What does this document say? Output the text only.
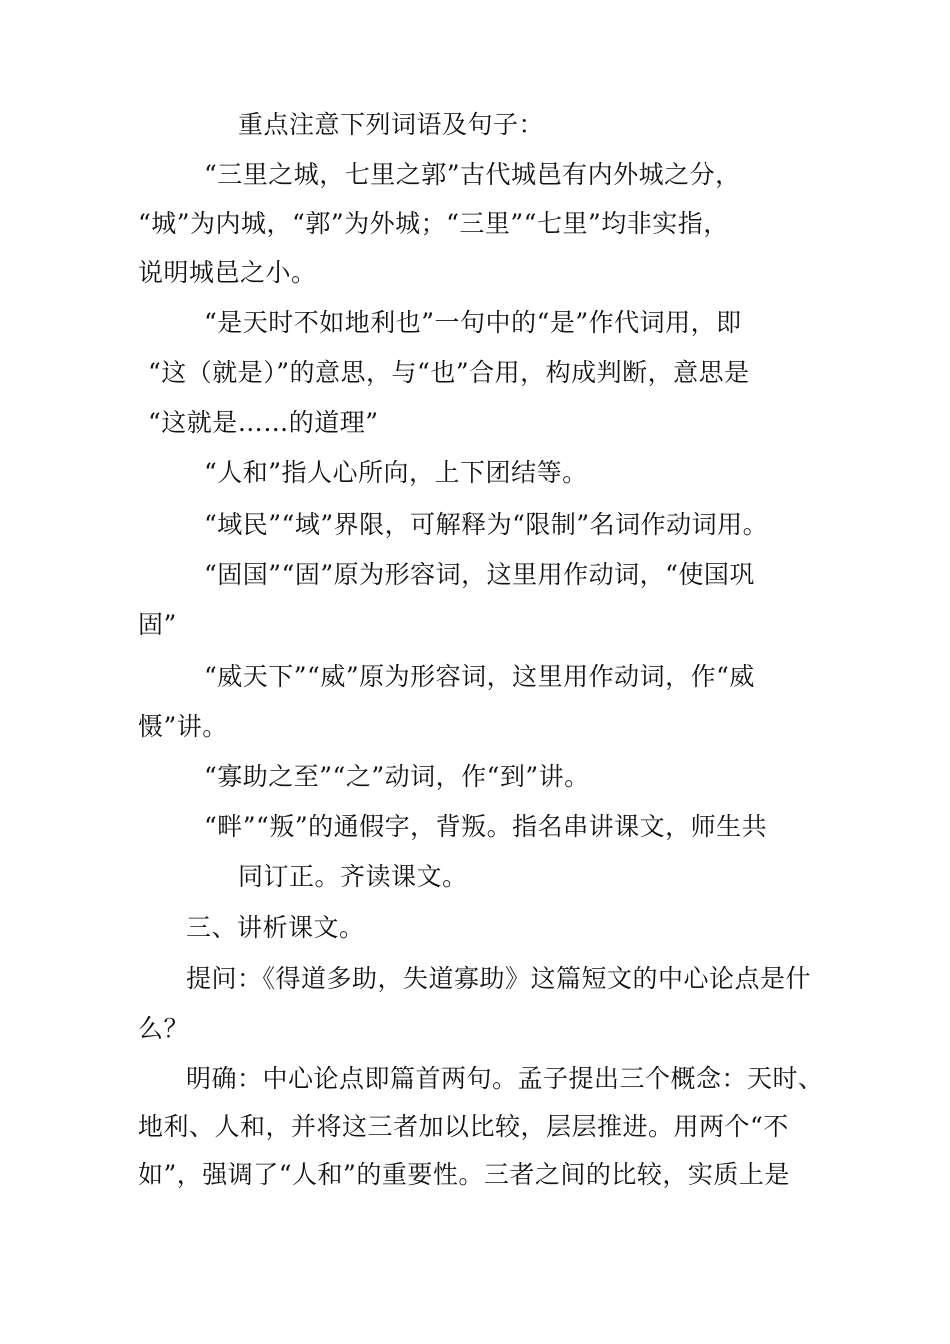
重点注意下列词语及句子：
“三里之城，七里之郭”古代城邑有内外城之分，
“城”为内城，“郭”为外城；“三里”“七里”均非实指，
说明城邑之小。
“是天时不如地利也”一句中的“是”作代词用，即
“这（就是）”的意思，与“也”合用，构成判断，意思是
“这就是……的道理”
“人和”指人心所向，上下团结等。
“域民”“域”界限，可解释为“限制”名词作动词用。
“固国”“固”原为形容词，这里用作动词，“使国巩
固”
“威天下”“威”原为形容词，这里用作动词，作“威
慑”讲。
“寡助之至”“之”动词，作“到”讲。
“畔”“叛”的通假字，背叛。指名串讲课文，师生共
同订正。齐读课文。
三、讲析课文。
提问：《得道多助，失道寡助》这篇短文的中心论点是什
么？
明确：中心论点即篇首两句。孟子提出三个概念：天时、
地利、人和，并将这三者加以比较，层层推进。用两个“不
如”，强调了“人和”的重要性。三者之间的比较，实质上是
